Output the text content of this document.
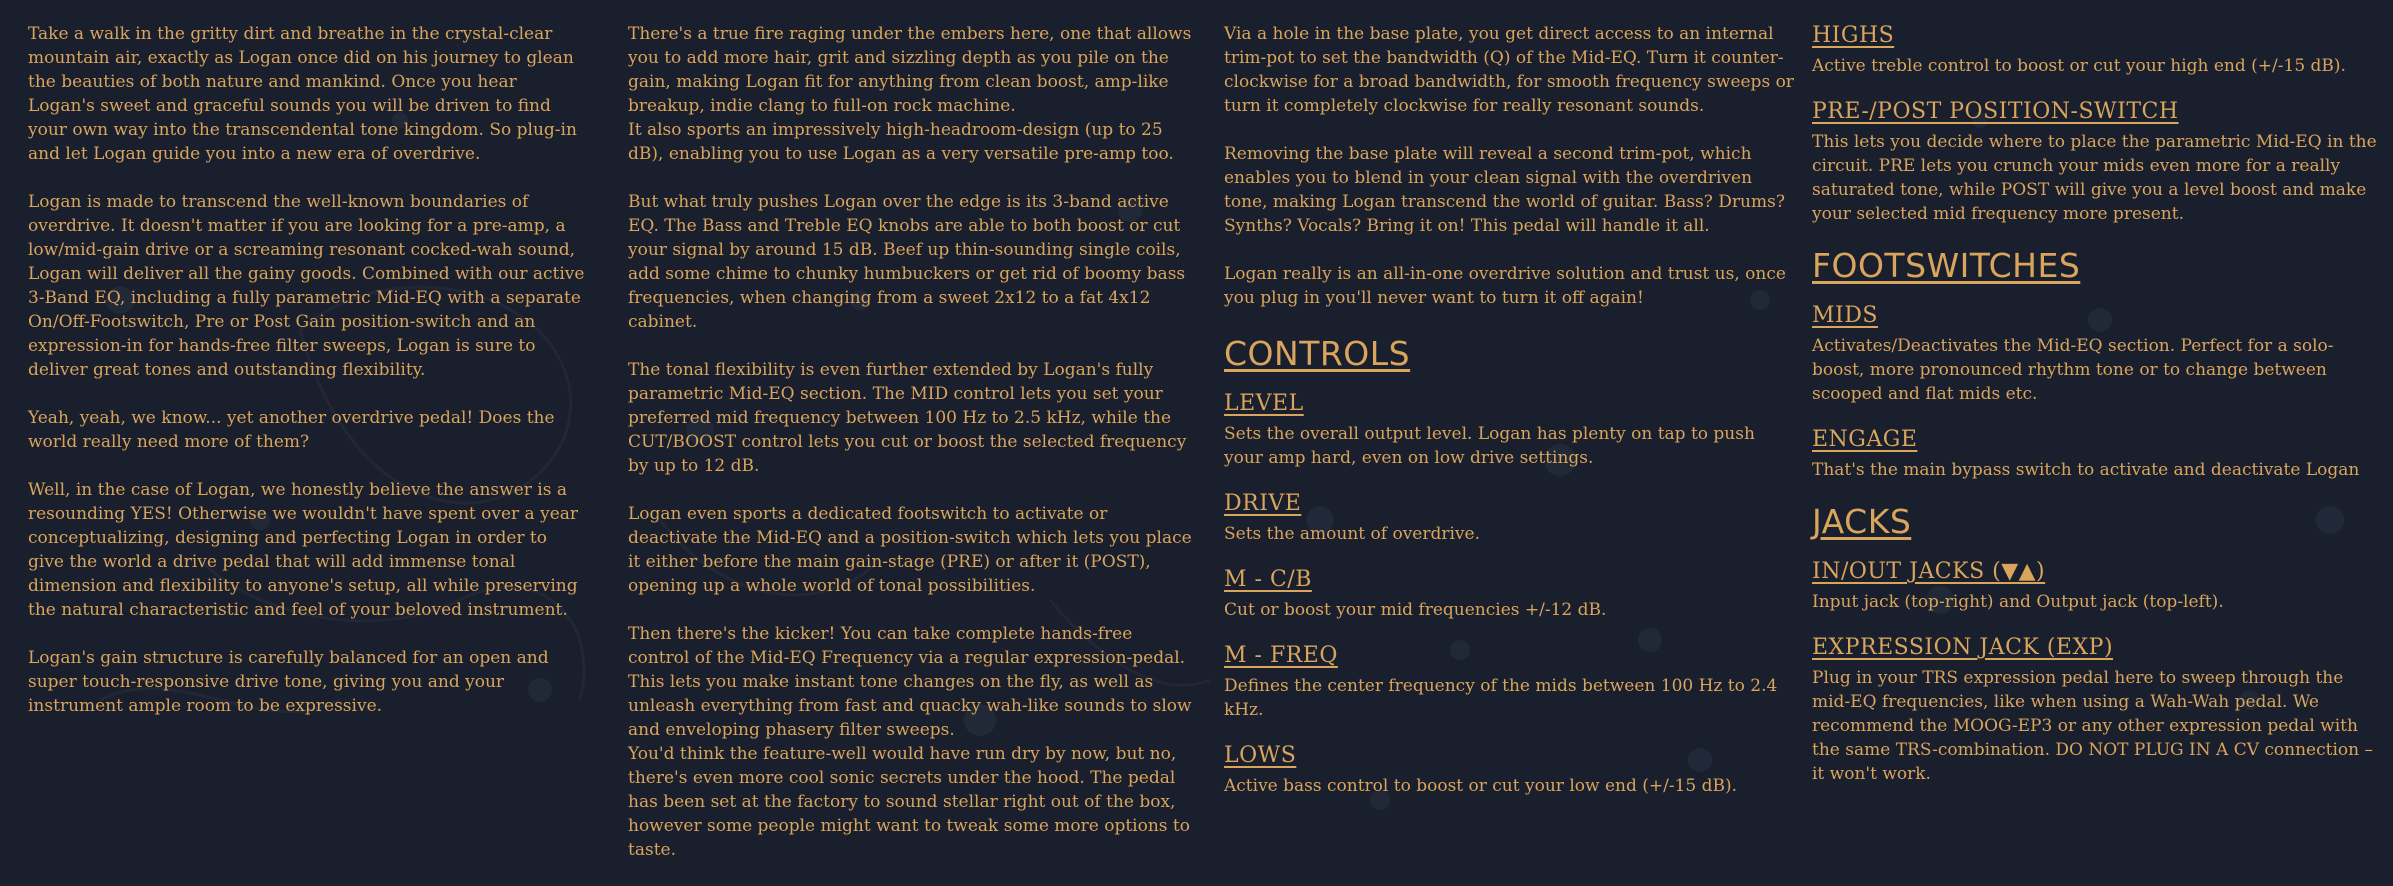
Take a walk in the gritty dirt and breathe in the crystal-clear mountain air, exactly as Logan once did on his journey to glean the beauties of both nature and mankind. Once you hear Logan's sweet and graceful sounds you will be driven to find your own way into the transcendental tone kingdom. So plug-in and let Logan guide you into a new era of overdrive.

Logan is made to transcend the well-known boundaries of overdrive. It doesn't matter if you are looking for a pre-amp, a low/mid-gain drive or a screaming resonant cocked-wah sound, Logan will deliver all the gainy goods. Combined with our active 3-Band EQ, including a fully parametric Mid-EQ with a separate On/Off-Footswitch, Pre or Post Gain position-switch and an expression-in for hands-free filter sweeps, Logan is sure to deliver great tones and outstanding flexibility.

Yeah, yeah, we know... yet another overdrive pedal! Does the world really need more of them?

Well, in the case of Logan, we honestly believe the answer is a resounding YES! Otherwise we wouldn't have spent over a year conceptualizing, designing and perfecting Logan in order to give the world a drive pedal that will add immense tonal dimension and flexibility to anyone's setup, all while preserving the natural characteristic and feel of your beloved instrument.

Logan's gain structure is carefully balanced for an open and super touch-responsive drive tone, giving you and your instrument ample room to be expressive.

There's a true fire raging under the embers here, one that allows you to add more hair, grit and sizzling depth as you pile on the gain, making Logan fit for anything from clean boost, amp-like breakup, indie clang to full-on rock machine.
It also sports an impressively high-headroom-design (up to 25 dB), enabling you to use Logan as a very versatile pre-amp too.

But what truly pushes Logan over the edge is its 3-band active EQ. The Bass and Treble EQ knobs are able to both boost or cut your signal by around 15 dB. Beef up thin-sounding single coils, add some chime to chunky humbuckers or get rid of boomy bass frequencies, when changing from a sweet 2x12 to a fat 4x12 cabinet.

The tonal flexibility is even further extended by Logan's fully parametric Mid-EQ section. The MID control lets you set your preferred mid frequency between 100 Hz to 2.5 kHz, while the CUT/BOOST control lets you cut or boost the selected frequency by up to 12 dB.

Logan even sports a dedicated footswitch to activate or deactivate the Mid-EQ and a position-switch which lets you place it either before the main gain-stage (PRE) or after it (POST), opening up a whole world of tonal possibilities.

Then there's the kicker! You can take complete hands-free control of the Mid-EQ Frequency via a regular expression-pedal. This lets you make instant tone changes on the fly, as well as unleash everything from fast and quacky wah-like sounds to slow and enveloping phasery filter sweeps.
You'd think the feature-well would have run dry by now, but no, there's even more cool sonic secrets under the hood. The pedal has been set at the factory to sound stellar right out of the box, however some people might want to tweak some more options to taste.

Via a hole in the base plate, you get direct access to an internal trim-pot to set the bandwidth (Q) of the Mid-EQ. Turn it counter-clockwise for a broad bandwidth, for smooth frequency sweeps or turn it completely clockwise for really resonant sounds.

Removing the base plate will reveal a second trim-pot, which enables you to blend in your clean signal with the overdriven tone, making Logan transcend the world of guitar. Bass? Drums? Synths? Vocals? Bring it on! This pedal will handle it all.

Logan really is an all-in-one overdrive solution and trust us, once you plug in you'll never want to turn it off again!

CONTROLS
LEVEL
Sets the overall output level. Logan has plenty on tap to push your amp hard, even on low drive settings.
DRIVE
Sets the amount of overdrive.
M - C/B
Cut or boost your mid frequencies +/-12 dB.
M - FREQ
Defines the center frequency of the mids between 100 Hz to 2.4 kHz.
LOWS
Active bass control to boost or cut your low end (+/-15 dB).
HIGHS
Active treble control to boost or cut your high end (+/-15 dB).
PRE-/POST POSITION-SWITCH
This lets you decide where to place the parametric Mid-EQ in the circuit. PRE lets you crunch your mids even more for a really saturated tone, while POST will give you a level boost and make your selected mid frequency more present.
FOOTSWITCHES
MIDS
Activates/Deactivates the Mid-EQ section. Perfect for a solo-boost, more pronounced rhythm tone or to change between scooped and flat mids etc.
ENGAGE
That's the main bypass switch to activate and deactivate Logan
JACKS
IN/OUT JACKS (▼▲)
Input jack (top-right) and Output jack (top-left).
EXPRESSION JACK (EXP)
Plug in your TRS expression pedal here to sweep through the mid-EQ frequencies, like when using a Wah-Wah pedal. We recommend the MOOG-EP3 or any other expression pedal with the same TRS-combination. DO NOT PLUG IN A CV connection – it won't work.
